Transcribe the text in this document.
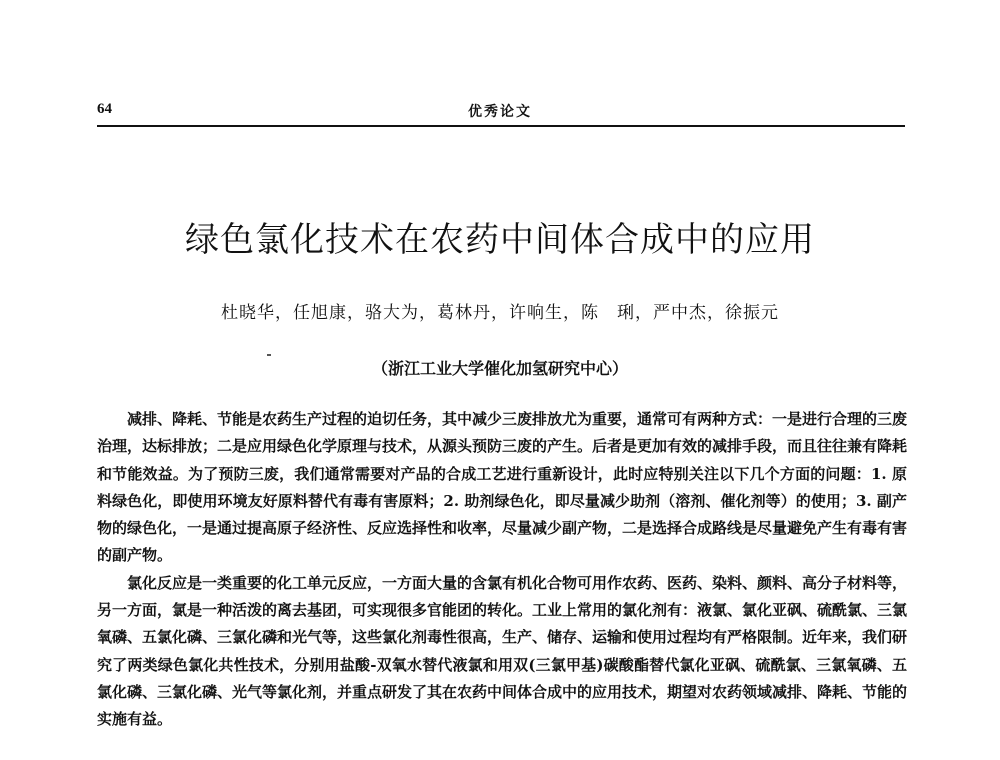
64	优秀论文
绿色氯化技术在农药中间体合成中的应用
杜晓华，任旭康，骆大为，葛林丹，许响生，陈　琍，严中杰，徐振元
（浙江工业大学催化加氢研究中心）

减排、降耗、节能是农药生产过程的迫切任务，其中减少三废排放尤为重要，通常可有两种方式：一是进行合理的三废治理，达标排放；二是应用绿色化学原理与技术，从源头预防三废的产生。后者是更加有效的减排手段，而且往往兼有降耗和节能效益。为了预防三废，我们通常需要对产品的合成工艺进行重新设计，此时应特别关注以下几个方面的问题：1. 原料绿色化，即使用环境友好原料替代有毒有害原料；2. 助剂绿色化，即尽量减少助剂（溶剂、催化剂等）的使用；3. 副产物的绿色化，一是通过提高原子经济性、反应选择性和收率，尽量减少副产物，二是选择合成路线是尽量避免产生有毒有害的副产物。

氯化反应是一类重要的化工单元反应，一方面大量的含氯有机化合物可用作农药、医药、染料、颜料、高分子材料等，另一方面，氯是一种活泼的离去基团，可实现很多官能团的转化。工业上常用的氯化剂有：液氯、氯化亚砜、硫酰氯、三氯氧磷、五氯化磷、三氯化磷和光气等，这些氯化剂毒性很高，生产、储存、运输和使用过程均有严格限制。近年来，我们研究了两类绿色氯化共性技术，分别用盐酸-双氧水替代液氯和用双(三氯甲基)碳酸酯替代氯化亚砜、硫酰氯、三氯氧磷、五氯化磷、三氯化磷、光气等氯化剂，并重点研发了其在农药中间体合成中的应用技术，期望对农药领域减排、降耗、节能的实施有益。
